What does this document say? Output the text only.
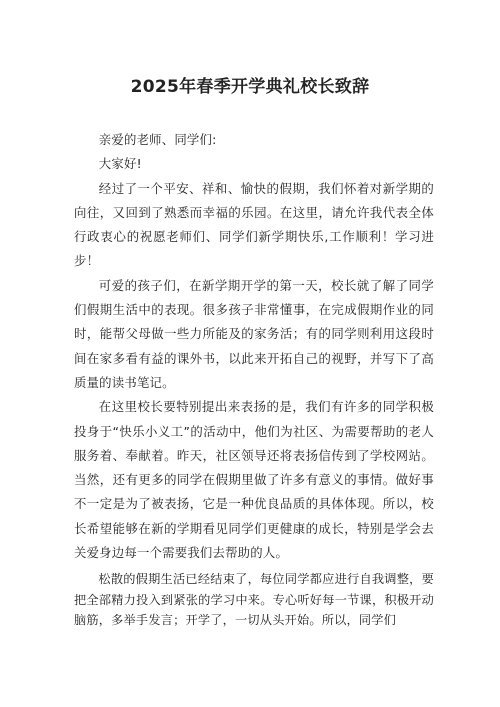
2025年春季开学典礼校长致辞

亲爱的老师、同学们:

大家好!

经过了一个平安、祥和、愉快的假期，我们怀着对新学期的向往，又回到了熟悉而幸福的乐园。在这里，请允许我代表全体行政衷心的祝愿老师们、同学们新学期快乐,工作顺利！学习进步！

可爱的孩子们，在新学期开学的第一天，校长就了解了同学们假期生活中的表现。很多孩子非常懂事，在完成假期作业的同时，能帮父母做一些力所能及的家务活；有的同学则利用这段时间在家多看有益的课外书，以此来开拓自己的视野，并写下了高质量的读书笔记。

在这里校长要特别提出来表扬的是，我们有许多的同学积极投身于“快乐小义工”的活动中，他们为社区、为需要帮助的老人服务着、奉献着。昨天，社区领导还将表扬信传到了学校网站。当然，还有更多的同学在假期里做了许多有意义的事情。做好事不一定是为了被表扬，它是一种优良品质的具体体现。所以，校长希望能够在新的学期看见同学们更健康的成长，特别是学会去关爱身边每一个需要我们去帮助的人。

松散的假期生活已经结束了，每位同学都应进行自我调整，要把全部精力投入到紧张的学习中来。专心听好每一节课，积极开动脑筋，多举手发言；开学了，一切从头开始。所以，同学们
